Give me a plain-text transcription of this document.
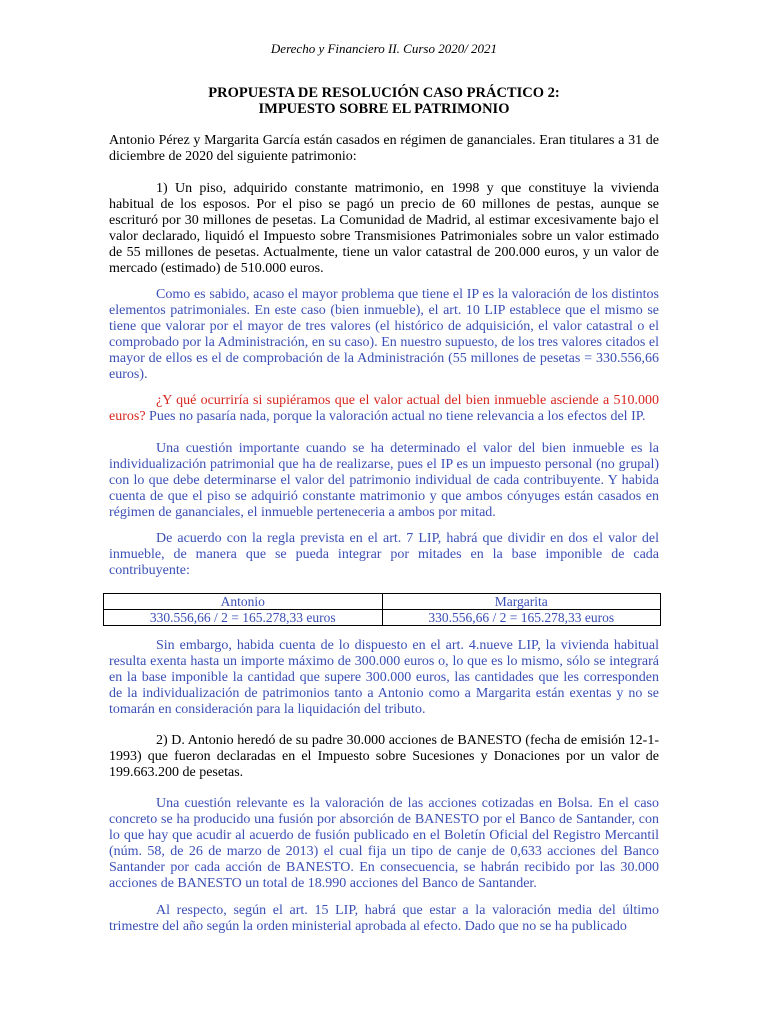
Derecho y Financiero II. Curso 2020/ 2021
PROPUESTA DE RESOLUCIÓN CASO PRÁCTICO 2:
IMPUESTO SOBRE EL PATRIMONIO

Antonio Pérez y Margarita García están casados en régimen de gananciales. Eran titulares a 31 de diciembre de 2020 del siguiente patrimonio:

1) Un piso, adquirido constante matrimonio, en 1998 y que constituye la vivienda habitual de los esposos. Por el piso se pagó un precio de 60 millones de pestas, aunque se escrituró por 30 millones de pesetas. La Comunidad de Madrid, al estimar excesivamente bajo el valor declarado, liquidó el Impuesto sobre Transmisiones Patrimoniales sobre un valor estimado de 55 millones de pesetas. Actualmente, tiene un valor catastral de 200.000 euros, y un valor de mercado (estimado) de 510.000 euros.

Como es sabido, acaso el mayor problema que tiene el IP es la valoración de los distintos elementos patrimoniales. En este caso (bien inmueble), el art. 10 LIP establece que el mismo se tiene que valorar por el mayor de tres valores (el histórico de adquisición, el valor catastral o el comprobado por la Administración, en su caso). En nuestro supuesto, de los tres valores citados el mayor de ellos es el de comprobación de la Administración (55 millones de pesetas = 330.556,66 euros).

¿Y qué ocurriría si supiéramos que el valor actual del bien inmueble asciende a 510.000 euros? Pues no pasaría nada, porque la valoración actual no tiene relevancia a los efectos del IP.

Una cuestión importante cuando se ha determinado el valor del bien inmueble es la individualización patrimonial que ha de realizarse, pues el IP es un impuesto personal (no grupal) con lo que debe determinarse el valor del patrimonio individual de cada contribuyente. Y habida cuenta de que el piso se adquirió constante matrimonio y que ambos cónyuges están casados en régimen de gananciales, el inmueble perteneceria a ambos por mitad.

De acuerdo con la regla prevista en el art. 7 LIP, habrá que dividir en dos el valor del inmueble, de manera que se pueda integrar por mitades en la base imponible de cada contribuyente:

Antonio	Margarita
330.556,66 / 2 = 165.278,33 euros	330.556,66 / 2 = 165.278,33 euros

Sin embargo, habida cuenta de lo dispuesto en el art. 4.nueve LIP, la vivienda habitual resulta exenta hasta un importe máximo de 300.000 euros o, lo que es lo mismo, sólo se integrará en la base imponible la cantidad que supere 300.000 euros, las cantidades que les corresponden de la individualización de patrimonios tanto a Antonio como a Margarita están exentas y no se tomarán en consideración para la liquidación del tributo.

2) D. Antonio heredó de su padre 30.000 acciones de BANESTO (fecha de emisión 12-1-1993) que fueron declaradas en el Impuesto sobre Sucesiones y Donaciones por un valor de 199.663.200 de pesetas.

Una cuestión relevante es la valoración de las acciones cotizadas en Bolsa. En el caso concreto se ha producido una fusión por absorción de BANESTO por el Banco de Santander, con lo que hay que acudir al acuerdo de fusión publicado en el Boletín Oficial del Registro Mercantil (núm. 58, de 26 de marzo de 2013) el cual fija un tipo de canje de 0,633 acciones del Banco Santander por cada acción de BANESTO. En consecuencia, se habrán recibido por las 30.000 acciones de BANESTO un total de 18.990 acciones del Banco de Santander.

Al respecto, según el art. 15 LIP, habrá que estar a la valoración media del último trimestre del año según la orden ministerial aprobada al efecto. Dado que no se ha publicado
